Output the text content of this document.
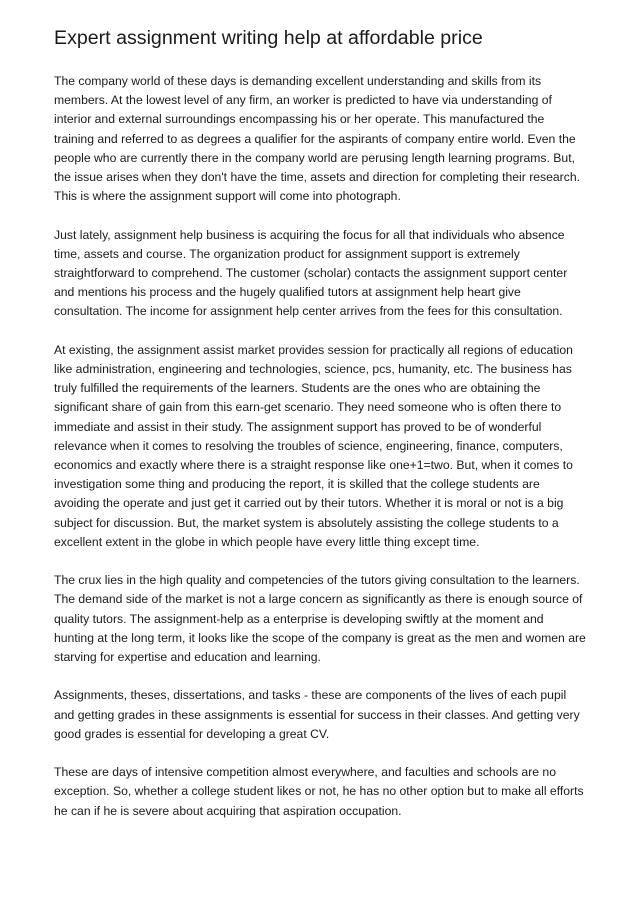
Expert assignment writing help at affordable price

The company world of these days is demanding excellent understanding and skills from its members. At the lowest level of any firm, an worker is predicted to have via understanding of interior and external surroundings encompassing his or her operate. This manufactured the training and referred to as degrees a qualifier for the aspirants of company entire world. Even the people who are currently there in the company world are perusing length learning programs. But, the issue arises when they don't have the time, assets and direction for completing their research. This is where the assignment support will come into photograph.

Just lately, assignment help business is acquiring the focus for all that individuals who absence time, assets and course. The organization product for assignment support is extremely straightforward to comprehend. The customer (scholar) contacts the assignment support center and mentions his process and the hugely qualified tutors at assignment help heart give consultation. The income for assignment help center arrives from the fees for this consultation.

At existing, the assignment assist market provides session for practically all regions of education like administration, engineering and technologies, science, pcs, humanity, etc. The business has truly fulfilled the requirements of the learners. Students are the ones who are obtaining the significant share of gain from this earn-get scenario. They need someone who is often there to immediate and assist in their study. The assignment support has proved to be of wonderful relevance when it comes to resolving the troubles of science, engineering, finance, computers, economics and exactly where there is a straight response like one+1=two. But, when it comes to investigation some thing and producing the report, it is skilled that the college students are avoiding the operate and just get it carried out by their tutors. Whether it is moral or not is a big subject for discussion. But, the market system is absolutely assisting the college students to a excellent extent in the globe in which people have every little thing except time.

The crux lies in the high quality and competencies of the tutors giving consultation to the learners. The demand side of the market is not a large concern as significantly as there is enough source of quality tutors. The assignment-help as a enterprise is developing swiftly at the moment and hunting at the long term, it looks like the scope of the company is great as the men and women are starving for expertise and education and learning.

Assignments, theses, dissertations, and tasks - these are components of the lives of each pupil and getting grades in these assignments is essential for success in their classes. And getting very good grades is essential for developing a great CV.

These are days of intensive competition almost everywhere, and faculties and schools are no exception. So, whether a college student likes or not, he has no other option but to make all efforts he can if he is severe about acquiring that aspiration occupation.
